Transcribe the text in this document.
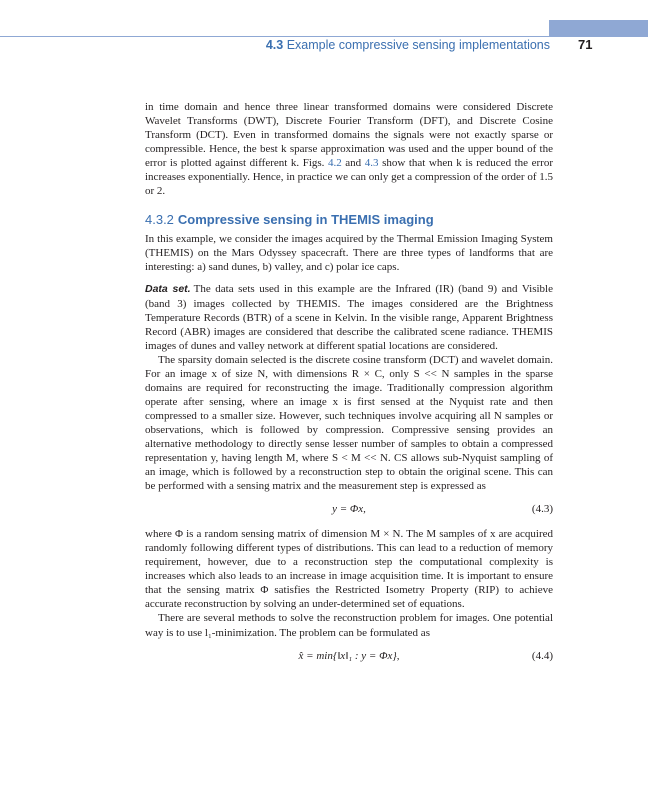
4.3 Example compressive sensing implementations 71

in time domain and hence three linear transformed domains were considered Discrete Wavelet Transforms (DWT), Discrete Fourier Transform (DFT), and Discrete Cosine Transform (DCT). Even in transformed domains the signals were not exactly sparse or compressible. Hence, the best k sparse approximation was used and the upper bound of the error is plotted against different k. Figs. 4.2 and 4.3 show that when k is reduced the error increases exponentially. Hence, in practice we can only get a compression of the order of 1.5 or 2.

4.3.2 Compressive sensing in THEMIS imaging

In this example, we consider the images acquired by the Thermal Emission Imaging System (THEMIS) on the Mars Odyssey spacecraft. There are three types of landforms that are interesting: a) sand dunes, b) valley, and c) polar ice caps.

Data set. The data sets used in this example are the Infrared (IR) (band 9) and Visible (band 3) images collected by THEMIS. The images considered are the Brightness Temperature Records (BTR) of a scene in Kelvin. In the visible range, Apparent Brightness Record (ABR) images are considered that describe the calibrated scene radiance. THEMIS images of dunes and valley network at different spatial locations are considered.

The sparsity domain selected is the discrete cosine transform (DCT) and wavelet domain. For an image x of size N, with dimensions R × C, only S << N samples in the sparse domains are required for reconstructing the image. Traditionally compression algorithm operate after sensing, where an image x is first sensed at the Nyquist rate and then compressed to a smaller size. However, such techniques involve acquiring all N samples or observations, which is followed by compression. Compressive sensing provides an alternative methodology to directly sense lesser number of samples to obtain a compressed representation y, having length M, where S < M << N. CS allows sub-Nyquist sampling of an image, which is followed by a reconstruction step to obtain the original scene. This can be performed with a sensing matrix and the measurement step is expressed as

y = Φx,	(4.3)

where Φ is a random sensing matrix of dimension M × N. The M samples of x are acquired randomly following different types of distributions. This can lead to a reduction of memory requirement, however, due to a reconstruction step the computational complexity is increases which also leads to an increase in image acquisition time. It is important to ensure that the sensing matrix Φ satisfies the Restricted Isometry Property (RIP) to achieve accurate reconstruction by solving an under-determined set of equations.

There are several methods to solve the reconstruction problem for images. One potential way is to use l₁-minimization. The problem can be formulated as

x̂ = min{‖x‖₁ : y = Φx},	(4.4)
